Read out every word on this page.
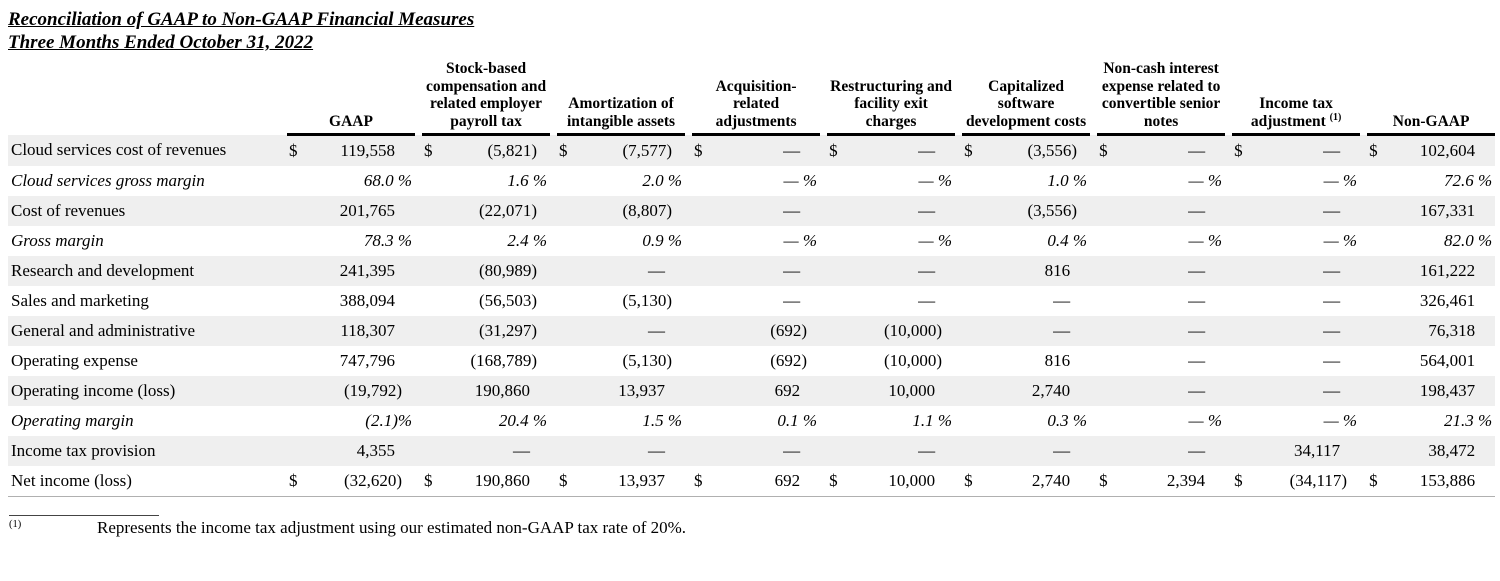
Reconciliation of GAAP to Non-GAAP Financial Measures
Three Months Ended October 31, 2022
		GAAP			Stock-based compensation and related employer payroll tax			Amortization of intangible assets			Acquisition-related adjustments			Restructuring and facility exit charges			Capitalized software development costs			Non-cash interest expense related to convertible senior notes			Income tax adjustment $^{(1)}$			Non-GAAP	
Cloud services cost of revenues		$	119,558		$	(5,821)		$	(7,577)		$	—		$	—		$	(3,556)		$	—		$	—		$	102,604
Cloud services gross margin			68.0 %			1.6 %			2.0 %			— %			— %			1.0 %			— %			— %			72.6 %
Cost of revenues			201,765			(22,071)			(8,807)			—			—			(3,556)			—			—			167,331
Gross margin			78.3 %			2.4 %			0.9 %			— %			— %			0.4 %			— %			— %			82.0 %
Research and development			241,395			(80,989)			—			—			—			816			—			—			161,222
Sales and marketing			388,094			(56,503)			(5,130)			—			—			—			—			—			326,461
General and administrative			118,307			(31,297)			—			(692)			(10,000)			—			—			—			76,318
Operating expense			747,796			(168,789)			(5,130)			(692)			(10,000)			816			—			—			564,001
Operating income (loss)			(19,792)			190,860			13,937			692			10,000			2,740			—			—			198,437
Operating margin			(2.1)%			20.4 %			1.5 %			0.1 %			1.1 %			0.3 %			— %			— %			21.3 %
Income tax provision			4,355			—			—			—			—			—			—			34,117			38,472
Net income (loss)		$	(32,620)		$	190,860		$	13,937		$	692		$	10,000		$	2,740		$	2,394		$	(34,117)		$	153,886
(1)	Represents the income tax adjustment using our estimated non-GAAP tax rate of 20%.
